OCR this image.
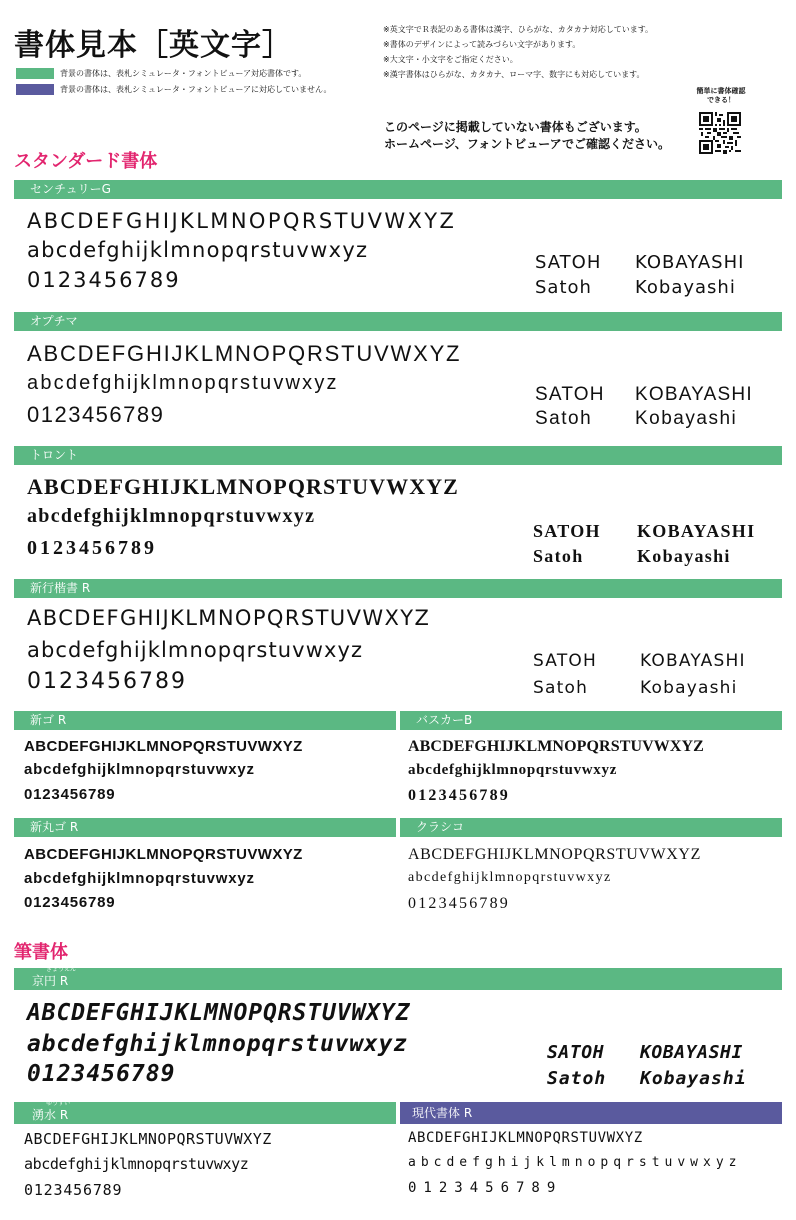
書体見本［英文字］
背景の書体は、表札シミュレータ・フォントビューア対応書体です。
背景の書体は、表札シミュレータ・フォントビューアに対応していません。
※英文字でＲ表記のある書体は漢字、ひらがな、カタカナ対応しています。
※書体のデザインによって読みづらい文字があります。
※大文字・小文字をご指定ください。
※漢字書体はひらがな、カタカナ、ローマ字、数字にも対応しています。
このページに掲載していない書体もございます。
ホームページ、フォントビューアでご確認ください。
簡単に書体確認
できる！
スタンダード書体
センチュリーG
ABCDEFGHIJKLMNOPQRSTUVWXYZ
abcdefghijklmnopqrstuvwxyz
0123456789
SATOH KOBAYASHI
Satoh Kobayashi
オプチマ
ABCDEFGHIJKLMNOPQRSTUVWXYZ
abcdefghijklmnopqrstuvwxyz
0123456789
SATOH KOBAYASHI
Satoh Kobayashi
トロント
ABCDEFGHIJKLMNOPQRSTUVWXYZ
abcdefghijklmnopqrstuvwxyz
0123456789
SATOH KOBAYASHI
Satoh	Kobayashi
新行楷書 R
ABCDEFGHIJKLMNOPQRSTUVWXYZ
abcdefghijklmnopqrstuvwxyz
0123456789
SATOH	KOBAYASHI
Satoh	Kobayashi
新ゴ R
ABCDEFGHIJKLMNOPQRSTUVWXYZ
abcdefghijklmnopqrstuvwxyz
0123456789
バスカーB
ABCDEFGHIJKLMNOPQRSTUVWXYZ
abcdefghijklmnopqrstuvwxyz
0123456789
新丸ゴ R
ABCDEFGHIJKLMNOPQRSTUVWXYZ
abcdefghijklmnopqrstuvwxyz
0123456789
クラシコ
ABCDEFGHIJKLMNOPQRSTUVWXYZ
abcdefghijklmnopqrstuvwxyz
0123456789
筆書体
きょうえん
京円 R
ABCDEFGHIJKLMNOPQRSTUVWXYZ
abcdefghijklmnopqrstuvwxyz
0123456789
SATOH KOBAYASHI
Satoh Kobayashi
ゆうすい
湧水 R
ABCDEFGHIJKLMNOPQRSTUVWXYZ
abcdefghijklmnopqrstuvwxyz
0123456789
現代書体 R
ABCDEFGHIJKLMNOPQRSTUVWXYZ
abcdefghijklmnopqrstuvwxyz
0123456789
